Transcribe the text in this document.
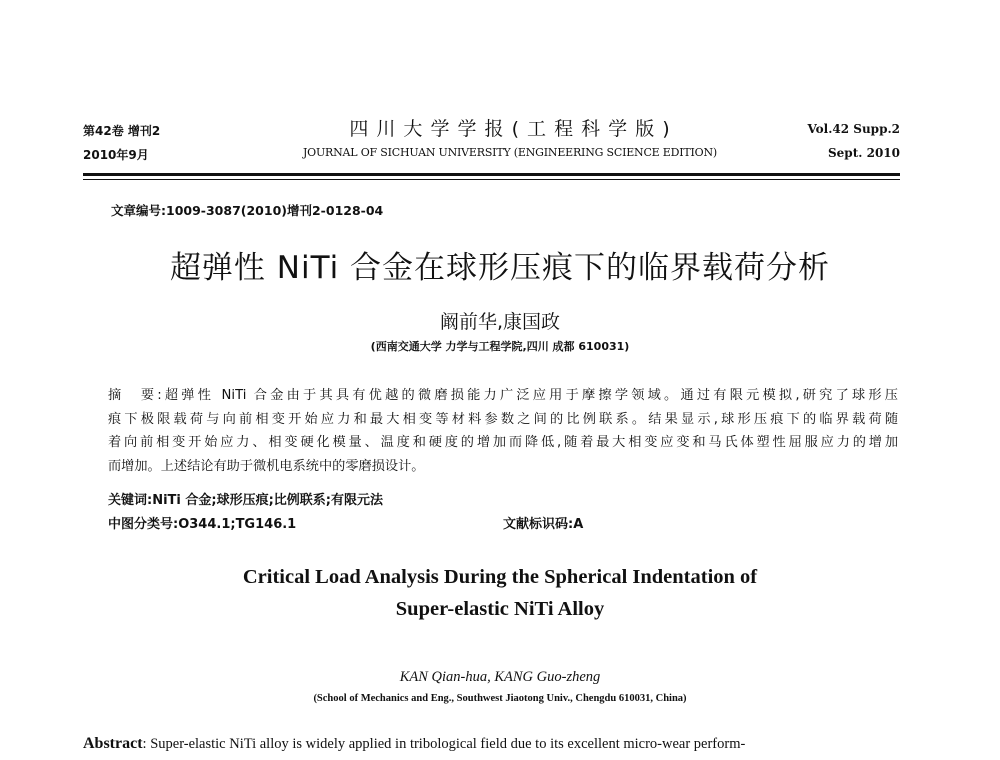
第42卷 增刊2
2010年9月
四 川 大 学 学 报 ( 工 程 科 学 版 )
JOURNAL OF SICHUAN UNIVERSITY (ENGINEERING SCIENCE EDITION)
Vol.42 Supp.2
Sept. 2010
文章编号:1009-3087(2010)增刊2-0128-04
超弹性 NiTi 合金在球形压痕下的临界载荷分析
阚前华,康国政
(西南交通大学 力学与工程学院,四川 成都 610031)
摘　要:超弹性 NiTi 合金由于其具有优越的微磨损能力广泛应用于摩擦学领域。通过有限元模拟,研究了球形压
痕下极限载荷与向前相变开始应力和最大相变等材料参数之间的比例联系。结果显示,球形压痕下的临界载荷随
着向前相变开始应力、相变硬化模量、温度和硬度的增加而降低,随着最大相变应变和马氏体塑性屈服应力的增加
而增加。上述结论有助于微机电系统中的零磨损设计。
关键词:NiTi 合金;球形压痕;比例联系;有限元法
中图分类号:O344.1;TG146.1	文献标识码:A
Critical Load Analysis During the Spherical Indentation of
Super-elastic NiTi Alloy
KAN Qian-hua, KANG Guo-zheng
(School of Mechanics and Eng., Southwest Jiaotong Univ., Chengdu 610031, China)
Abstract: Super-elastic NiTi alloy is widely applied in tribological field due to its excellent micro-wear perform-
